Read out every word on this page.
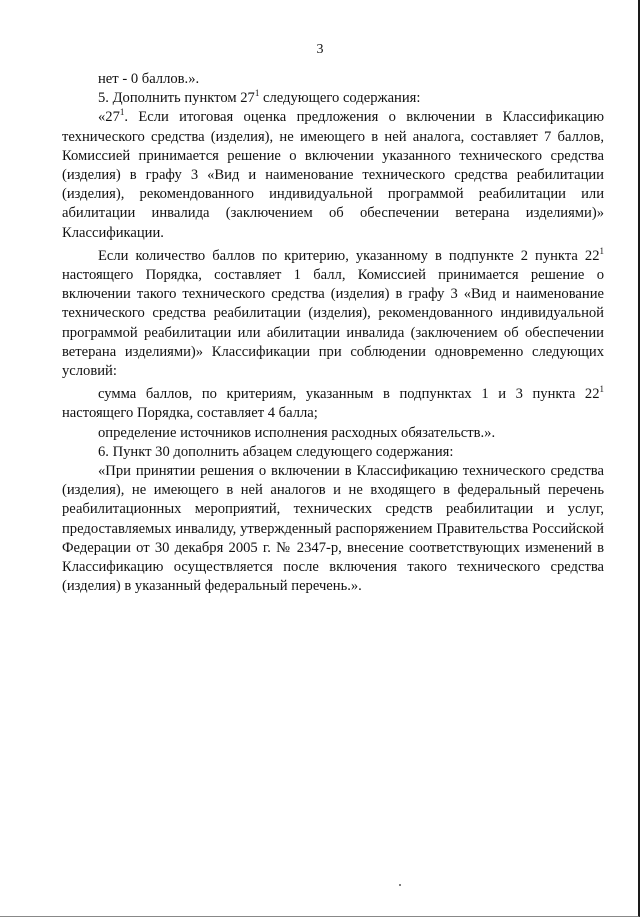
3

нет - 0 баллов.».

5. Дополнить пунктом $27^1$ следующего содержания:

«$27^1$. Если итоговая оценка предложения о включении в Классификацию технического средства (изделия), не имеющего в ней аналога, составляет 7 баллов, Комиссией принимается решение о включении указанного технического средства (изделия) в графу 3 «Вид и наименование технического средства реабилитации (изделия), рекомендованного индивидуальной программой реабилитации или абилитации инвалида (заключением об обеспечении ветерана изделиями)» Классификации.

Если количество баллов по критерию, указанному в подпункте 2 пункта $22^1$ настоящего Порядка, составляет 1 балл, Комиссией принимается решение о включении такого технического средства (изделия) в графу 3 «Вид и наименование технического средства реабилитации (изделия), рекомендованного индивидуальной программой реабилитации или абилитации инвалида (заключением об обеспечении ветерана изделиями)» Классификации при соблюдении одновременно следующих условий:

сумма баллов, по критериям, указанным в подпунктах 1 и 3 пункта $22^1$ настоящего Порядка, составляет 4 балла;

определение источников исполнения расходных обязательств.».

6. Пункт 30 дополнить абзацем следующего содержания:

«При принятии решения о включении в Классификацию технического средства (изделия), не имеющего в ней аналогов и не входящего в федеральный перечень реабилитационных мероприятий, технических средств реабилитации и услуг, предоставляемых инвалиду, утвержденный распоряжением Правительства Российской Федерации от 30 декабря 2005 г. № 2347-р, внесение соответствующих изменений в Классификацию осуществляется после включения такого технического средства (изделия) в указанный федеральный перечень.».
